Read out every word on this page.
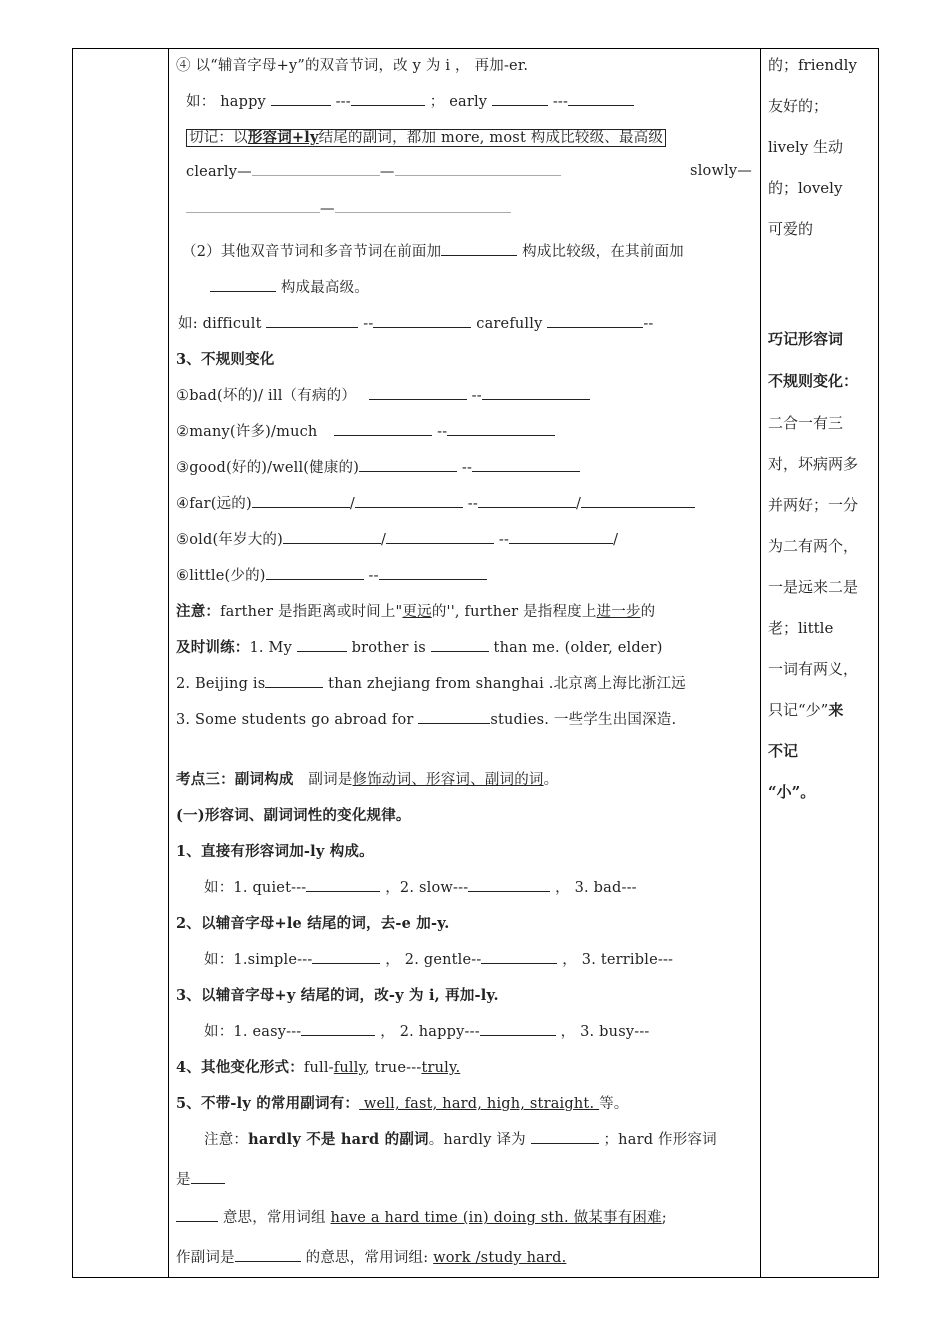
④ 以“辅音字母+y”的双音节词，改 y 为 i ， 再加-er.
如： happy	---	； early	---
切记：以形容词+ly结尾的副词，都加 more, most 构成比较级、最高级
clearly—	—	slowly—
—
（2）其他双音节词和多音节词在前面加	构成比较级，在其前面加
构成最高级。
如: difficult	--	carefully	--
3、不规则变化
①bad(坏的)/ ill（有病的）	--
②many(许多)/much	--
③good(好的)/well(健康的)	--
④far(远的)	/	--	/
⑤old(年岁大的)	/	--	/
⑥little(少的)	--
注意：farther 是指距离或时间上"更远的'', further 是指程度上进一步的
及时训练：1. My	brother is	than me. (older, elder)
2. Beijing is	than zhejiang from shanghai .北京离上海比浙江远
3. Some students go abroad for	studies. 一些学生出国深造.
考点三：副词构成 副词是修饰动词、形容词、副词的词。
(一)形容词、副词词性的变化规律。
1、直接有形容词加-ly 构成。
如：1. quiet---	，2. slow---	， 3. bad---
2、以辅音字母+le 结尾的词，去-e 加-y.
如：1.simple---	， 2. gentle--	， 3. terrible---
3、以辅音字母+y 结尾的词，改-y 为 i, 再加-ly.
如：1. easy---	， 2. happy---	， 3. busy---
4、其他变化形式：full-fully, true---truly.
5、不带-ly 的常用副词有： well, fast, hard, high, straight. 等。
注意：hardly 不是 hard 的副词。hardly 译为	；hard 作形容词
是
意思，常用词组 have a hard time (in) doing sth. 做某事有困难;
作副词是	的意思，常用词组: work /study hard.
的；friendly
友好的；
lively 生动
的；lovely
可爱的
巧记形容词
不规则变化：
二合一有三
对，坏病两多
并两好；一分
为二有两个，
一是远来二是
老；little
一词有两义，
只记“少”来
不记
“小”。
